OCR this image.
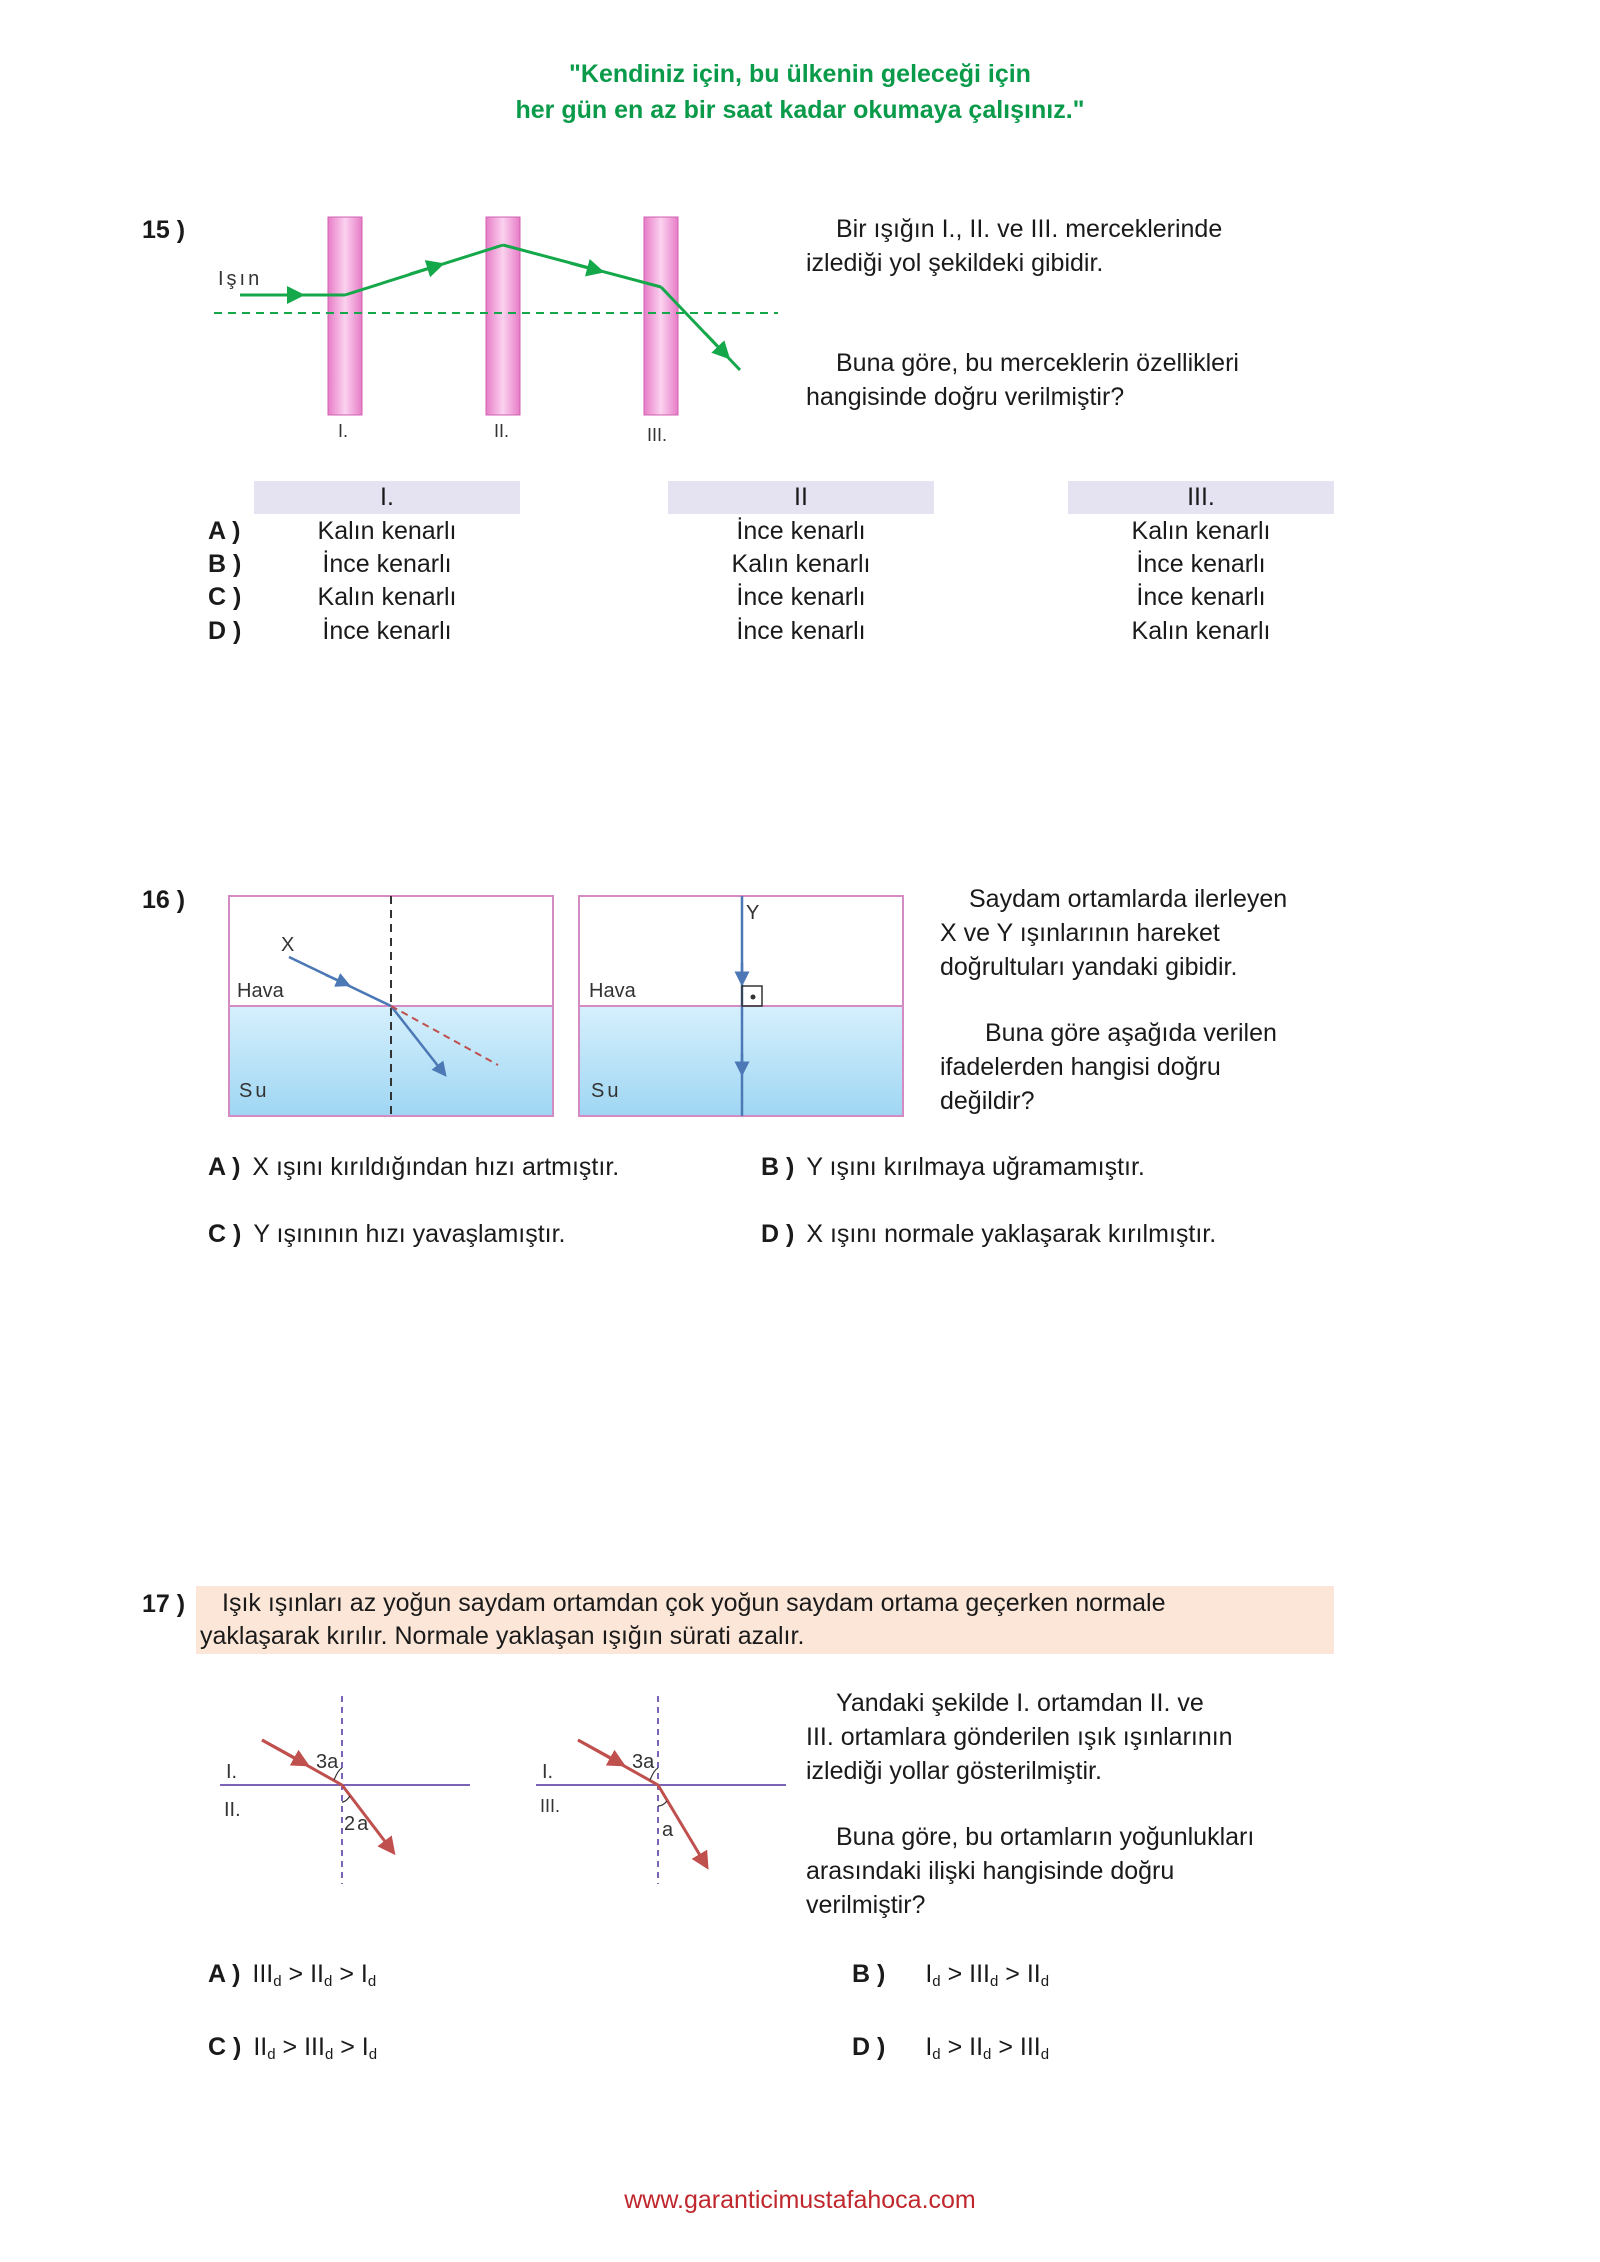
"Kendiniz için, bu ülkenin geleceği için
her gün en az bir saat kadar okumaya çalışınız."
15 )
Işın
I.	II.	III.
Bir ışığın I., II. ve III. merceklerinde
izlediği yol şekildeki gibidir.
Buna göre, bu merceklerin özellikleri
hangisinde doğru verilmiştir?
I.	II	III.
A )	Kalın kenarlı	İnce kenarlı	Kalın kenarlı
B )	İnce kenarlı	Kalın kenarlı	İnce kenarlı
C )	Kalın kenarlı	İnce kenarlı	İnce kenarlı
D )	İnce kenarlı	İnce kenarlı	Kalın kenarlı
16 )
X
Hava
Su
Y
Hava
Su
Saydam ortamlarda ilerleyen
X ve Y ışınlarının hareket
doğrultuları yandaki gibidir.
Buna göre aşağıda verilen
ifadelerden hangisi doğru
değildir?
A ) X ışını kırıldığından hızı artmıştır.	B ) Y ışını kırılmaya uğramamıştır.
C ) Y ışınının hızı yavaşlamıştır.	D ) X ışını normale yaklaşarak kırılmıştır.
17 ) Işık ışınları az yoğun saydam ortamdan çok yoğun saydam ortama geçerken normale
yaklaşarak kırılır. Normale yaklaşan ışığın sürati azalır.
I.
II.
3a
2a
I.
III.
3a
a
Yandaki şekilde I. ortamdan II. ve
III. ortamlara gönderilen ışık ışınlarının
izlediği yollar gösterilmiştir.
Buna göre, bu ortamların yoğunlukları
arasındaki ilişki hangisinde doğru
verilmiştir?
A ) $III_d > II_d > I_d$	B ) $I_d > III_d > II_d$
C ) $II_d > III_d > I_d$	D ) $I_d > II_d > III_d$
www.garanticimustafahoca.com
